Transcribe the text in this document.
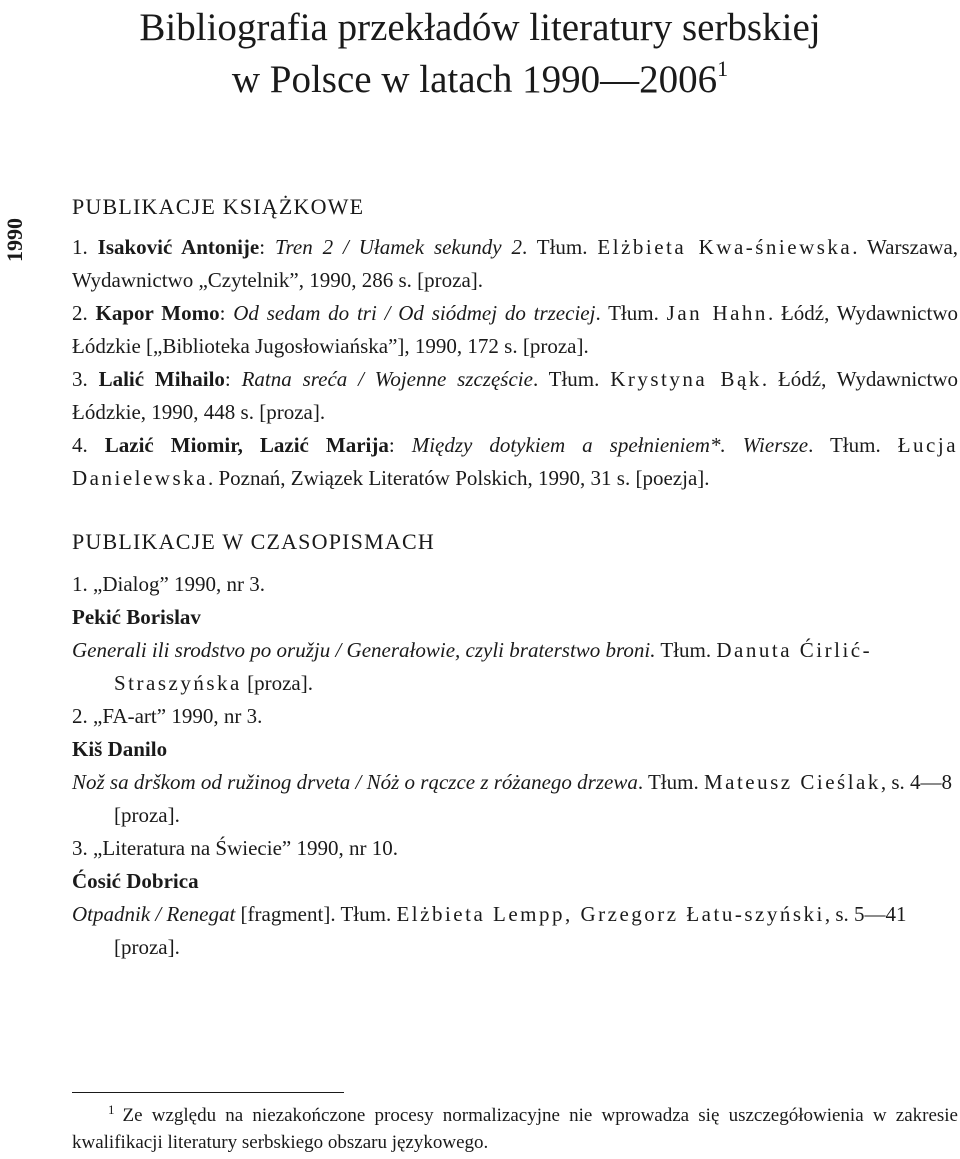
Bibliografia przekładów literatury serbskiej
w Polsce w latach 1990—2006$^1$
1990
PUBLIKACJE KSIĄŻKOWE

1. Isaković Antonije: Tren 2 / Ułamek sekundy 2. Tłum. Elżbieta Kwa-śniewska. Warszawa, Wydawnictwo „Czytelnik”, 1990, 286 s. [proza].

2. Kapor Momo: Od sedam do tri / Od siódmej do trzeciej. Tłum. Jan Hahn. Łódź, Wydawnictwo Łódzkie [„Biblioteka Jugosłowiańska”], 1990, 172 s. [proza].

3. Lalić Mihailo: Ratna sreća / Wojenne szczęście. Tłum. Krystyna Bąk. Łódź, Wydawnictwo Łódzkie, 1990, 448 s. [proza].

4. Lazić Miomir, Lazić Marija: Między dotykiem a spełnieniem*. Wiersze. Tłum. Łucja Danielewska. Poznań, Związek Literatów Polskich, 1990, 31 s. [poezja].

PUBLIKACJE W CZASOPISMACH

1. „Dialog” 1990, nr 3.

Pekić Borislav

Generali ili srodstvo po oružju / Generałowie, czyli braterstwo broni. Tłum. Danuta Ćirlić-Straszyńska [proza].

2. „FA-art” 1990, nr 3.

Kiš Danilo

Nož sa drškom od ružinog drveta / Nóż o rączce z różanego drzewa. Tłum. Mateusz Cieślak, s. 4—8 [proza].

3. „Literatura na Świecie” 1990, nr 10.

Ćosić Dobrica

Otpadnik / Renegat [fragment]. Tłum. Elżbieta Lempp, Grzegorz Łatu-szyński, s. 5—41 [proza].

$^1$ Ze względu na niezakończone procesy normalizacyjne nie wprowadza się uszczegółowienia w zakresie kwalifikacji literatury serbskiego obszaru językowego.
